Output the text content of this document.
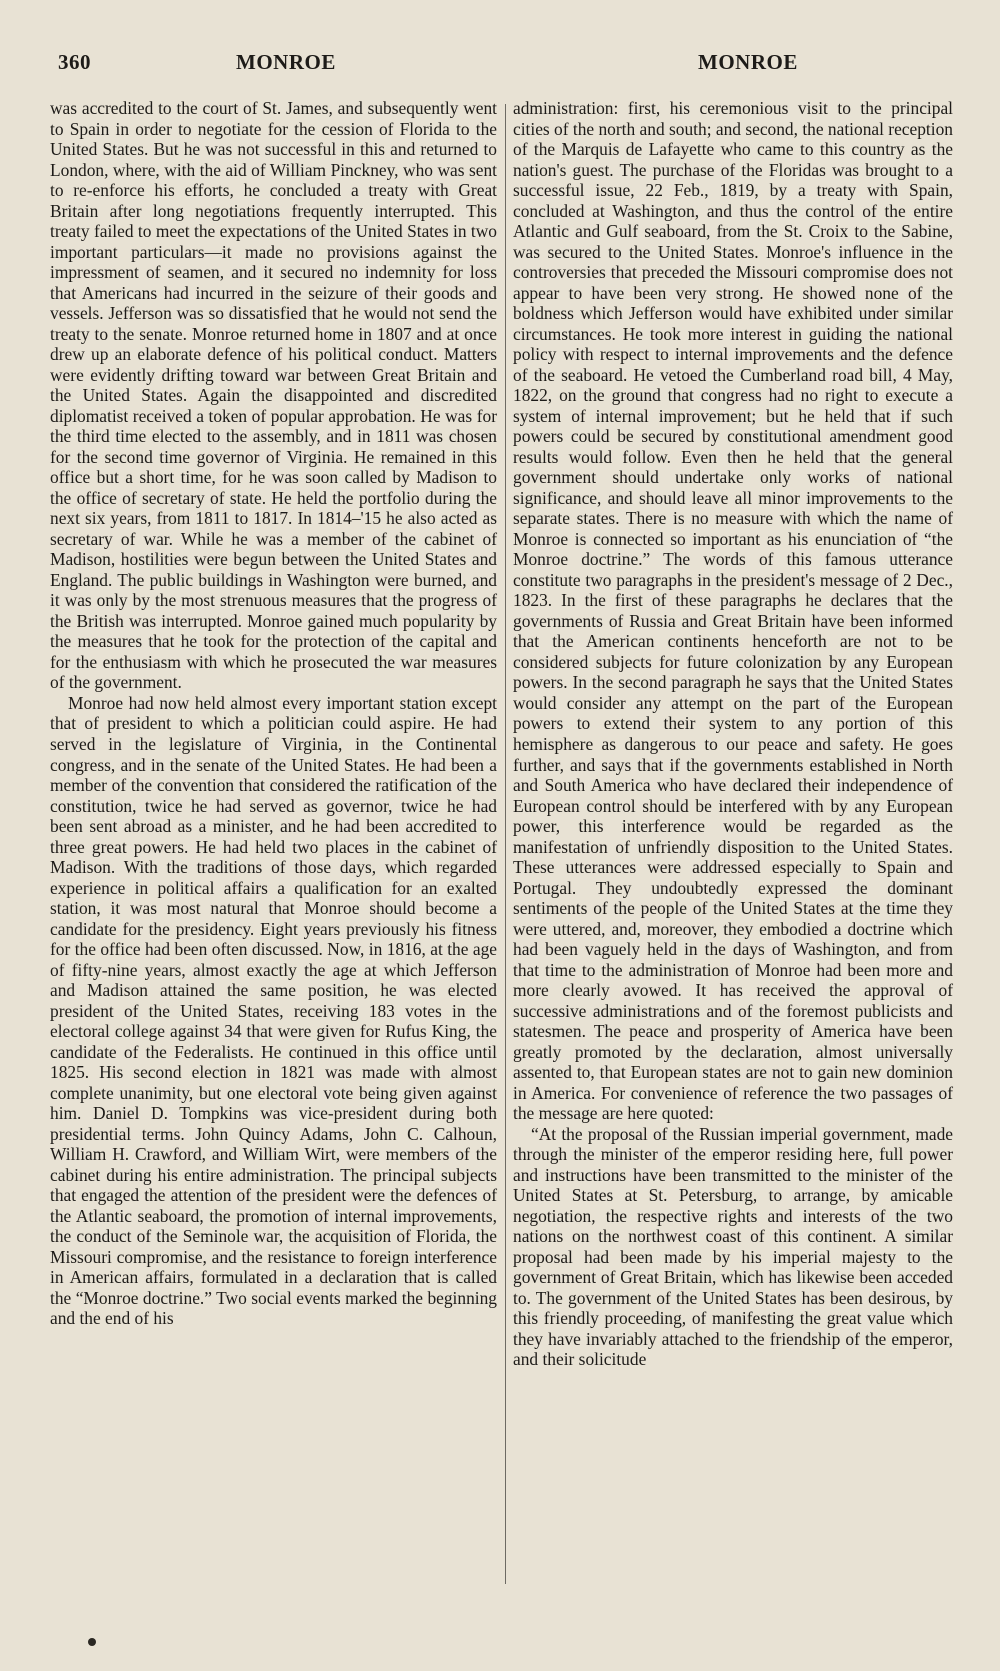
360	MONROE	MONROE

was accredited to the court of St. James, and subsequently went to Spain in order to negotiate for the cession of Florida to the United States. But he was not successful in this and returned to London, where, with the aid of William Pinckney, who was sent to re-enforce his efforts, he concluded a treaty with Great Britain after long negotiations frequently interrupted. This treaty failed to meet the expectations of the United States in two important particulars—it made no provisions against the impressment of seamen, and it secured no indemnity for loss that Americans had incurred in the seizure of their goods and vessels. Jefferson was so dissatisfied that he would not send the treaty to the senate. Monroe returned home in 1807 and at once drew up an elaborate defence of his political conduct. Matters were evidently drifting toward war between Great Britain and the United States. Again the disappointed and discredited diplomatist received a token of popular approbation. He was for the third time elected to the assembly, and in 1811 was chosen for the second time governor of Virginia. He remained in this office but a short time, for he was soon called by Madison to the office of secretary of state. He held the portfolio during the next six years, from 1811 to 1817. In 1814–'15 he also acted as secretary of war. While he was a member of the cabinet of Madison, hostilities were begun between the United States and England. The public buildings in Washington were burned, and it was only by the most strenuous measures that the progress of the British was interrupted. Monroe gained much popularity by the measures that he took for the protection of the capital and for the enthusiasm with which he prosecuted the war measures of the government.

Monroe had now held almost every important station except that of president to which a politician could aspire. He had served in the legislature of Virginia, in the Continental congress, and in the senate of the United States. He had been a member of the convention that considered the ratification of the constitution, twice he had served as governor, twice he had been sent abroad as a minister, and he had been accredited to three great powers. He had held two places in the cabinet of Madison. With the traditions of those days, which regarded experience in political affairs a qualification for an exalted station, it was most natural that Monroe should become a candidate for the presidency. Eight years previously his fitness for the office had been often discussed. Now, in 1816, at the age of fifty-nine years, almost exactly the age at which Jefferson and Madison attained the same position, he was elected president of the United States, receiving 183 votes in the electoral college against 34 that were given for Rufus King, the candidate of the Federalists. He continued in this office until 1825. His second election in 1821 was made with almost complete unanimity, but one electoral vote being given against him. Daniel D. Tompkins was vice-president during both presidential terms. John Quincy Adams, John C. Calhoun, William H. Crawford, and William Wirt, were members of the cabinet during his entire administration. The principal subjects that engaged the attention of the president were the defences of the Atlantic seaboard, the promotion of internal improvements, the conduct of the Seminole war, the acquisition of Florida, the Missouri compromise, and the resistance to foreign interference in American affairs, formulated in a declaration that is called the “Monroe doctrine.” Two social events marked the beginning and the end of his

administration: first, his ceremonious visit to the principal cities of the north and south; and second, the national reception of the Marquis de Lafayette who came to this country as the nation's guest. The purchase of the Floridas was brought to a successful issue, 22 Feb., 1819, by a treaty with Spain, concluded at Washington, and thus the control of the entire Atlantic and Gulf seaboard, from the St. Croix to the Sabine, was secured to the United States. Monroe's influence in the controversies that preceded the Missouri compromise does not appear to have been very strong. He showed none of the boldness which Jefferson would have exhibited under similar circumstances. He took more interest in guiding the national policy with respect to internal improvements and the defence of the seaboard. He vetoed the Cumberland road bill, 4 May, 1822, on the ground that congress had no right to execute a system of internal improvement; but he held that if such powers could be secured by constitutional amendment good results would follow. Even then he held that the general government should undertake only works of national significance, and should leave all minor improvements to the separate states. There is no measure with which the name of Monroe is connected so important as his enunciation of “the Monroe doctrine.” The words of this famous utterance constitute two paragraphs in the president's message of 2 Dec., 1823. In the first of these paragraphs he declares that the governments of Russia and Great Britain have been informed that the American continents henceforth are not to be considered subjects for future colonization by any European powers. In the second paragraph he says that the United States would consider any attempt on the part of the European powers to extend their system to any portion of this hemisphere as dangerous to our peace and safety. He goes further, and says that if the governments established in North and South America who have declared their independence of European control should be interfered with by any European power, this interference would be regarded as the manifestation of unfriendly disposition to the United States. These utterances were addressed especially to Spain and Portugal. They undoubtedly expressed the dominant sentiments of the people of the United States at the time they were uttered, and, moreover, they embodied a doctrine which had been vaguely held in the days of Washington, and from that time to the administration of Monroe had been more and more clearly avowed. It has received the approval of successive administrations and of the foremost publicists and statesmen. The peace and prosperity of America have been greatly promoted by the declaration, almost universally assented to, that European states are not to gain new dominion in America. For convenience of reference the two passages of the message are here quoted:

“At the proposal of the Russian imperial government, made through the minister of the emperor residing here, full power and instructions have been transmitted to the minister of the United States at St. Petersburg, to arrange, by amicable negotiation, the respective rights and interests of the two nations on the northwest coast of this continent. A similar proposal had been made by his imperial majesty to the government of Great Britain, which has likewise been acceded to. The government of the United States has been desirous, by this friendly proceeding, of manifesting the great value which they have invariably attached to the friendship of the emperor, and their solicitude
